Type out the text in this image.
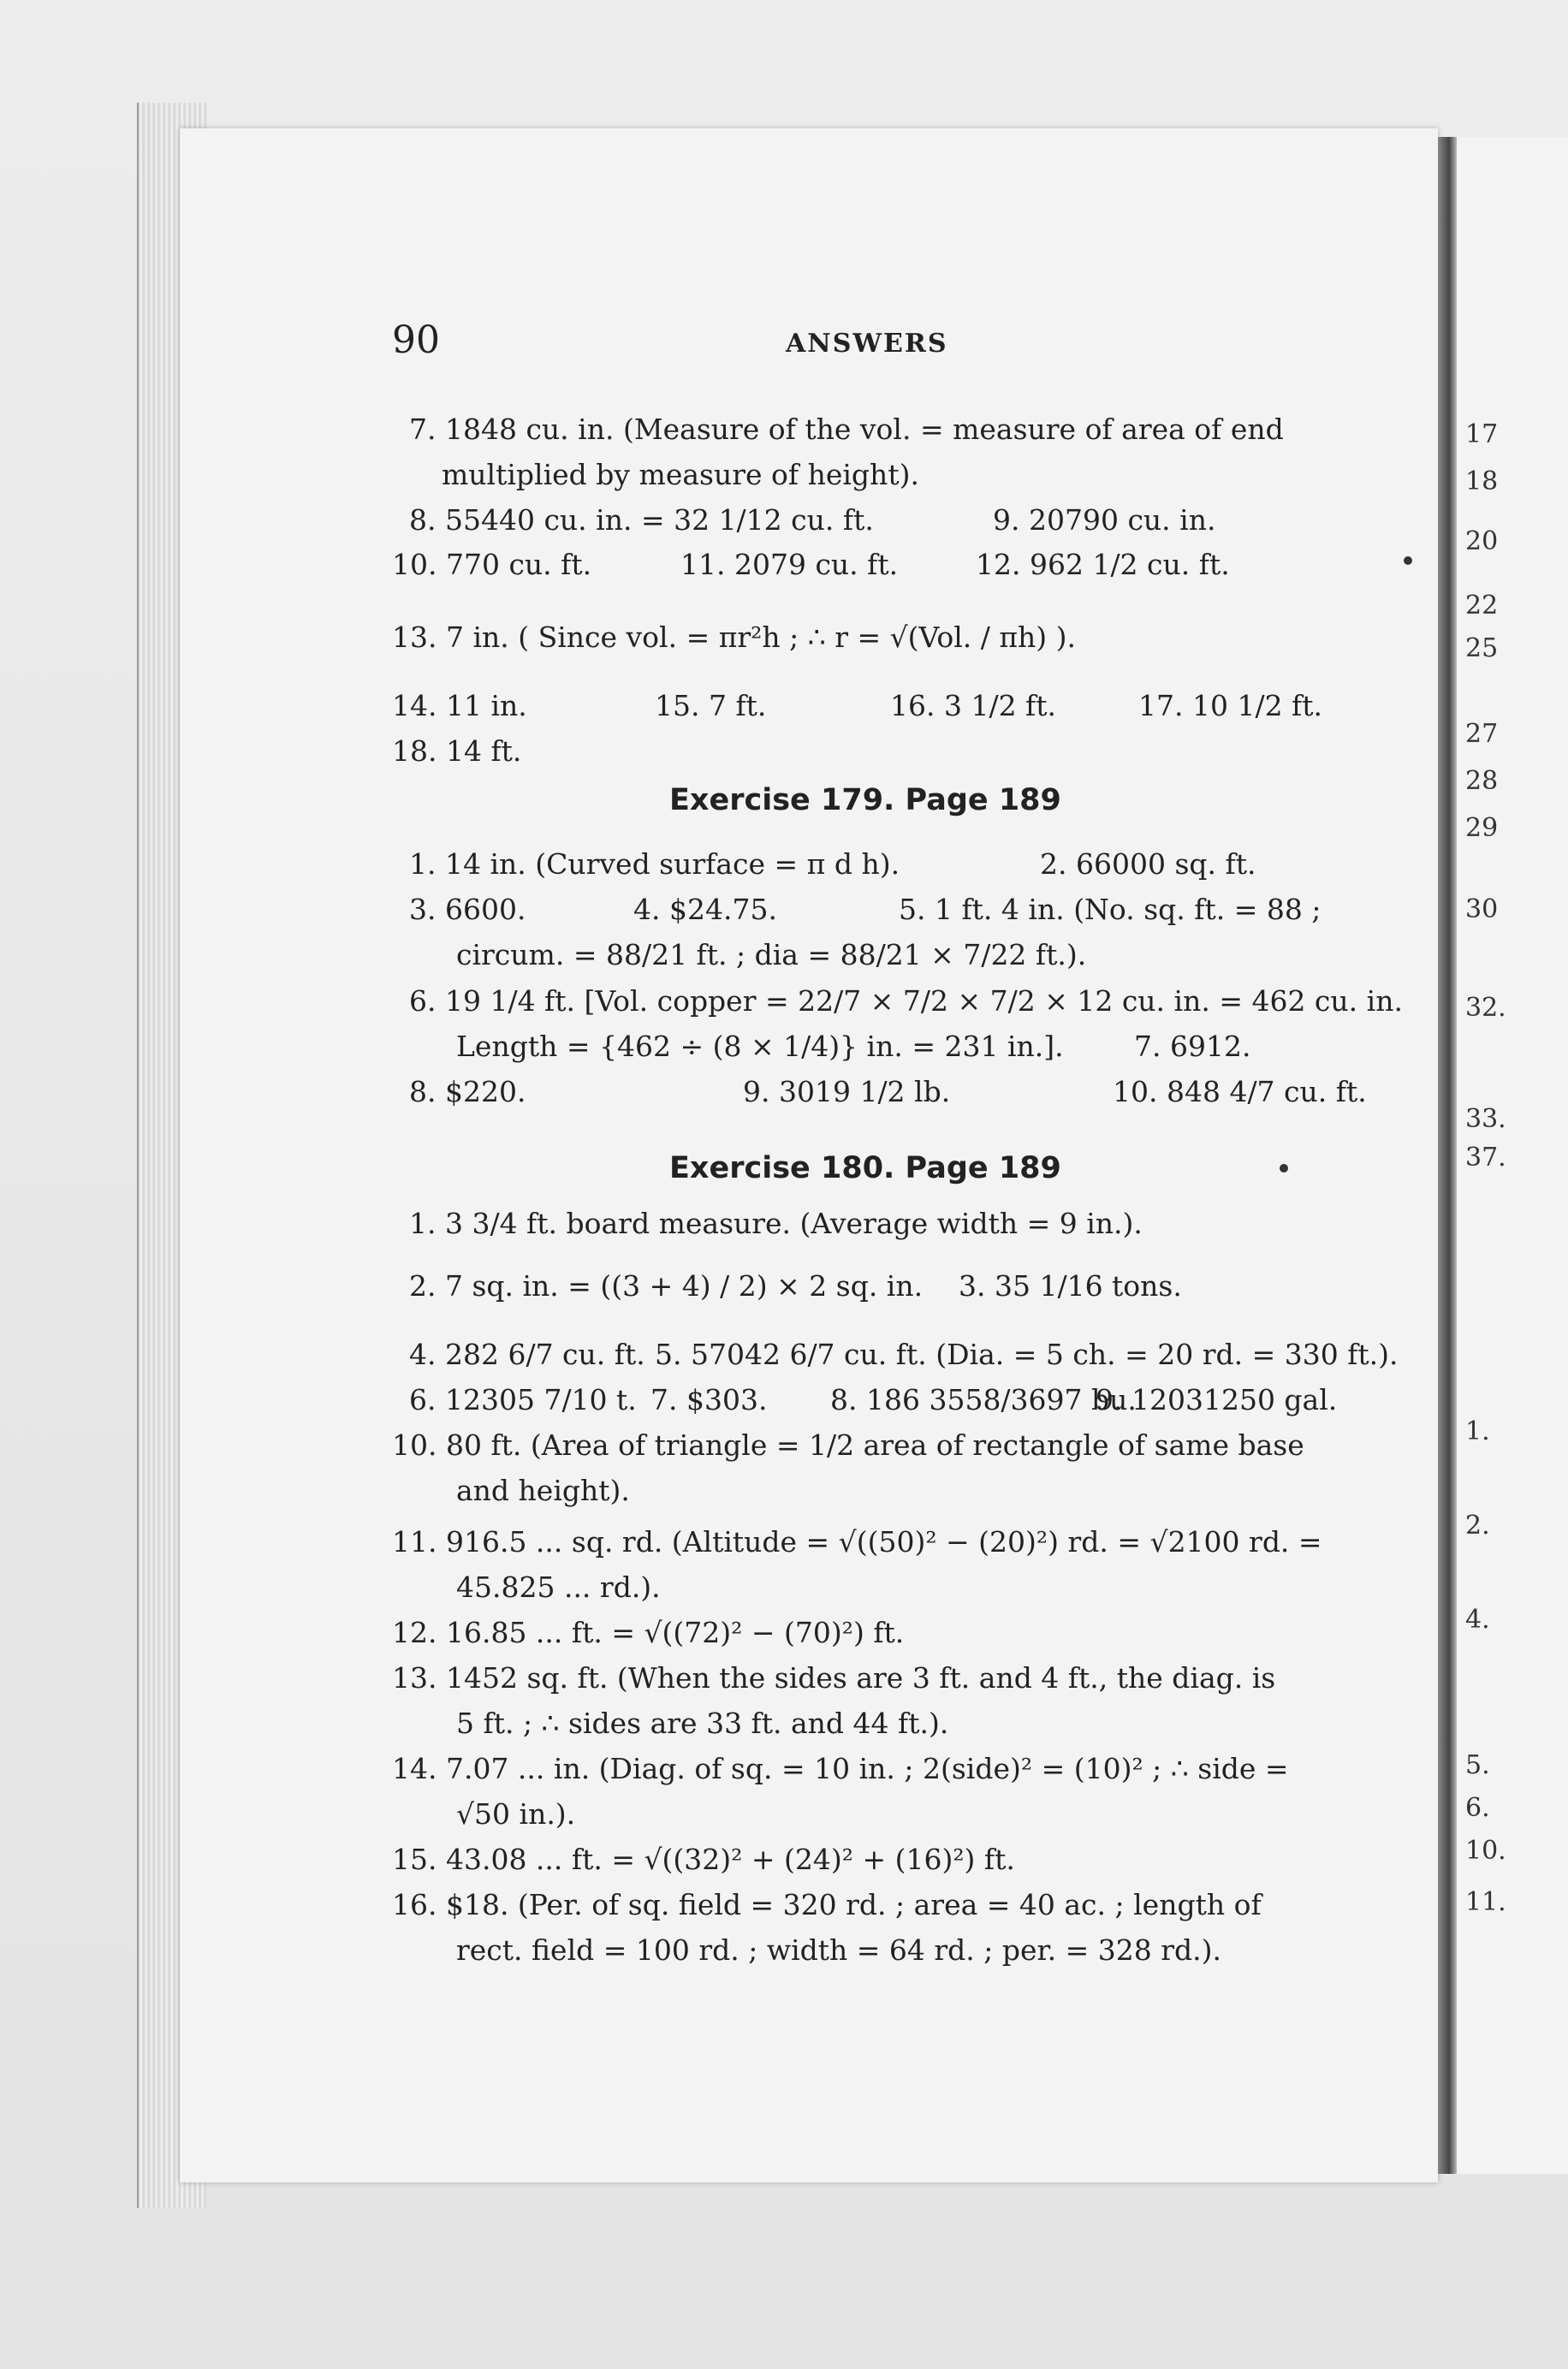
17
18
20
22
25
27
28
29
30
32.
33.
37.
1.
2.
4.
5.
6.
10.
11.
90	ANSWERS
7. 1848 cu. in. (Measure of the vol. = measure of area of end
multiplied by measure of height).
8. 55440 cu. in. = 32 1/12 cu. ft.	9. 20790 cu. in.
10. 770 cu. ft.	11. 2079 cu. ft.	12. 962 1/2 cu. ft.
13. 7 in. ( Since vol. = πr²h ; ∴ r = √(Vol. / πh) ).
14. 11 in.	15. 7 ft.	16. 3 1/2 ft.	17. 10 1/2 ft.
18. 14 ft.
Exercise 179. Page 189
1. 14 in. (Curved surface = π d h).	2. 66000 sq. ft.
3. 6600.	4. $24.75.	5. 1 ft. 4 in. (No. sq. ft. = 88 ;
circum. = 88/21 ft. ; dia = 88/21 × 7/22 ft.).
6. 19 1/4 ft. [Vol. copper = 22/7 × 7/2 × 7/2 × 12 cu. in. = 462 cu. in.
Length = {462 ÷ (8 × 1/4)} in. = 231 in.]. 7. 6912.
8. $220.	9. 3019 1/2 lb.	10. 848 4/7 cu. ft.
Exercise 180. Page 189
1. 3 3/4 ft. board measure. (Average width = 9 in.).
2. 7 sq. in. = ((3 + 4) / 2) × 2 sq. in. 3. 35 1/16 tons.
4. 282 6/7 cu. ft. 5. 57042 6/7 cu. ft. (Dia. = 5 ch. = 20 rd. = 330 ft.).
6. 12305 7/10 t. 7. $303. 8. 186 3558/3697 bu.
9. 12031250 gal.
10. 80 ft. (Area of triangle = 1/2 area of rectangle of same base
and height).
11. 916.5 ... sq. rd. (Altitude = √((50)² − (20)²) rd. = √2100 rd. =
45.825 ... rd.).
12. 16.85 ... ft. = √((72)² − (70)²) ft.
13. 1452 sq. ft. (When the sides are 3 ft. and 4 ft., the diag. is
5 ft. ; ∴ sides are 33 ft. and 44 ft.).
14. 7.07 ... in. (Diag. of sq. = 10 in. ; 2(side)² = (10)² ; ∴ side =
√50 in.).
15. 43.08 ... ft. = √((32)² + (24)² + (16)²) ft.
16. $18. (Per. of sq. field = 320 rd. ; area = 40 ac. ; length of
rect. field = 100 rd. ; width = 64 rd. ; per. = 328 rd.).
